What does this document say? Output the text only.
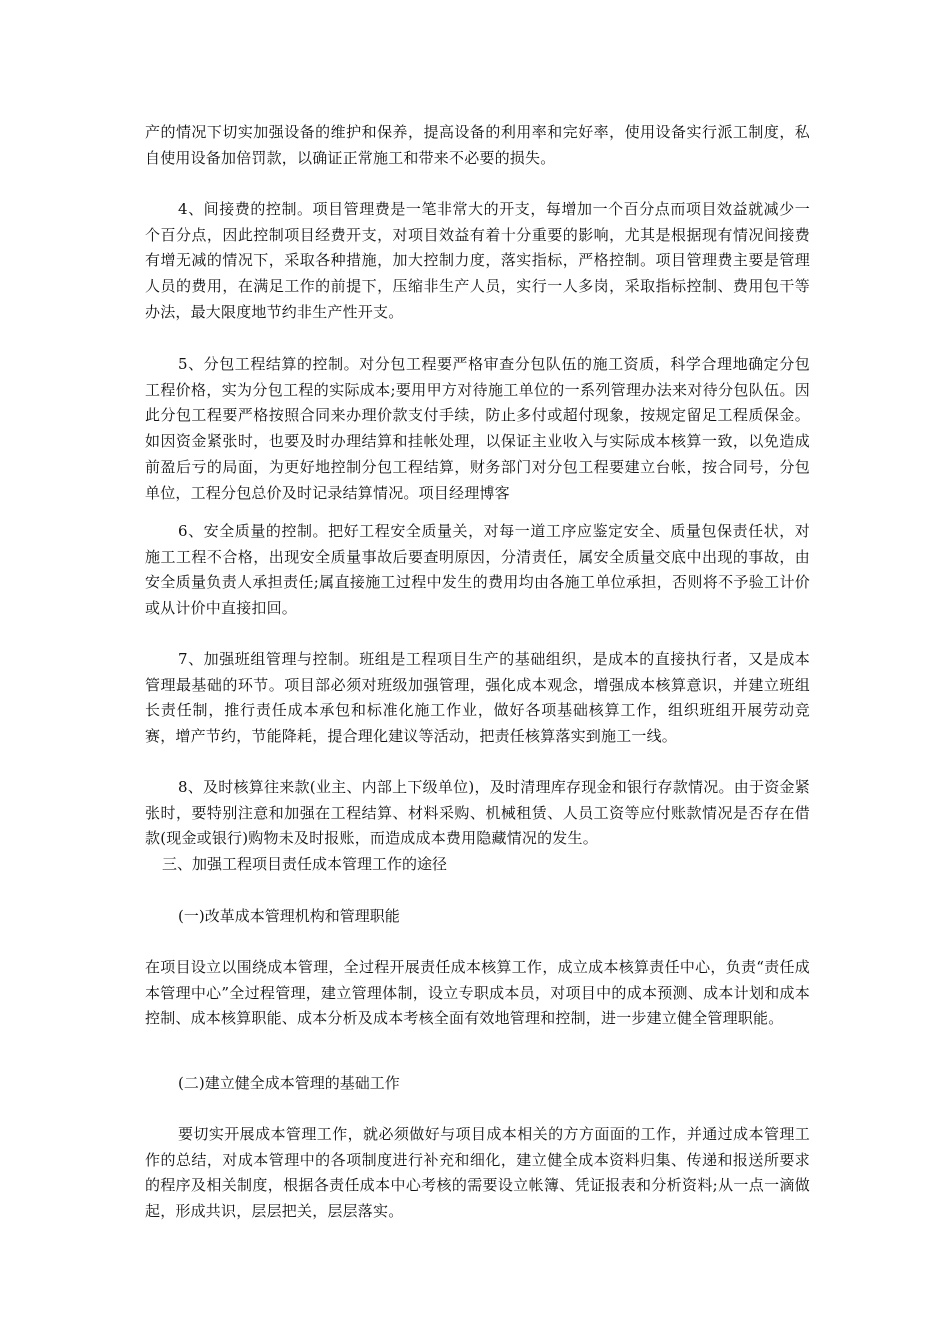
产的情况下切实加强设备的维护和保养，提高设备的利用率和完好率，使用设备实行派工制度，私自使用设备加倍罚款，以确证正常施工和带来不必要的损失。

4、间接费的控制。项目管理费是一笔非常大的开支，每增加一个百分点而项目效益就减少一个百分点，因此控制项目经费开支，对项目效益有着十分重要的影响，尤其是根据现有情况间接费有增无减的情况下，采取各种措施，加大控制力度，落实指标，严格控制。项目管理费主要是管理人员的费用，在满足工作的前提下，压缩非生产人员，实行一人多岗，采取指标控制、费用包干等办法，最大限度地节约非生产性开支。

5、分包工程结算的控制。对分包工程要严格审查分包队伍的施工资质，科学合理地确定分包工程价格，实为分包工程的实际成本;要用甲方对待施工单位的一系列管理办法来对待分包队伍。因此分包工程要严格按照合同来办理价款支付手续，防止多付或超付现象，按规定留足工程质保金。如因资金紧张时，也要及时办理结算和挂帐处理，以保证主业收入与实际成本核算一致，以免造成前盈后亏的局面，为更好地控制分包工程结算，财务部门对分包工程要建立台帐，按合同号，分包单位，工程分包总价及时记录结算情况。项目经理博客

6、安全质量的控制。把好工程安全质量关，对每一道工序应鉴定安全、质量包保责任状，对施工工程不合格，出现安全质量事故后要查明原因，分清责任，属安全质量交底中出现的事故，由安全质量负责人承担责任;属直接施工过程中发生的费用均由各施工单位承担，否则将不予验工计价或从计价中直接扣回。

7、加强班组管理与控制。班组是工程项目生产的基础组织，是成本的直接执行者，又是成本管理最基础的环节。项目部必须对班级加强管理，强化成本观念，增强成本核算意识，并建立班组长责任制，推行责任成本承包和标准化施工作业，做好各项基础核算工作，组织班组开展劳动竞赛，增产节约，节能降耗，提合理化建议等活动，把责任核算落实到施工一线。

8、及时核算往来款(业主、内部上下级单位)，及时清理库存现金和银行存款情况。由于资金紧张时，要特别注意和加强在工程结算、材料采购、机械租赁、人员工资等应付账款情况是否存在借款(现金或银行)购物未及时报账，而造成成本费用隐藏情况的发生。

三、加强工程项目责任成本管理工作的途径

(一)改革成本管理机构和管理职能

在项目设立以围绕成本管理，全过程开展责任成本核算工作，成立成本核算责任中心，负责“责任成本管理中心”全过程管理，建立管理体制，设立专职成本员，对项目中的成本预测、成本计划和成本控制、成本核算职能、成本分析及成本考核全面有效地管理和控制，进一步建立健全管理职能。

(二)建立健全成本管理的基础工作

要切实开展成本管理工作，就必须做好与项目成本相关的方方面面的工作，并通过成本管理工作的总结，对成本管理中的各项制度进行补充和细化，建立健全成本资料归集、传递和报送所要求的程序及相关制度，根据各责任成本中心考核的需要设立帐簿、凭证报表和分析资料;从一点一滴做起，形成共识，层层把关，层层落实。
